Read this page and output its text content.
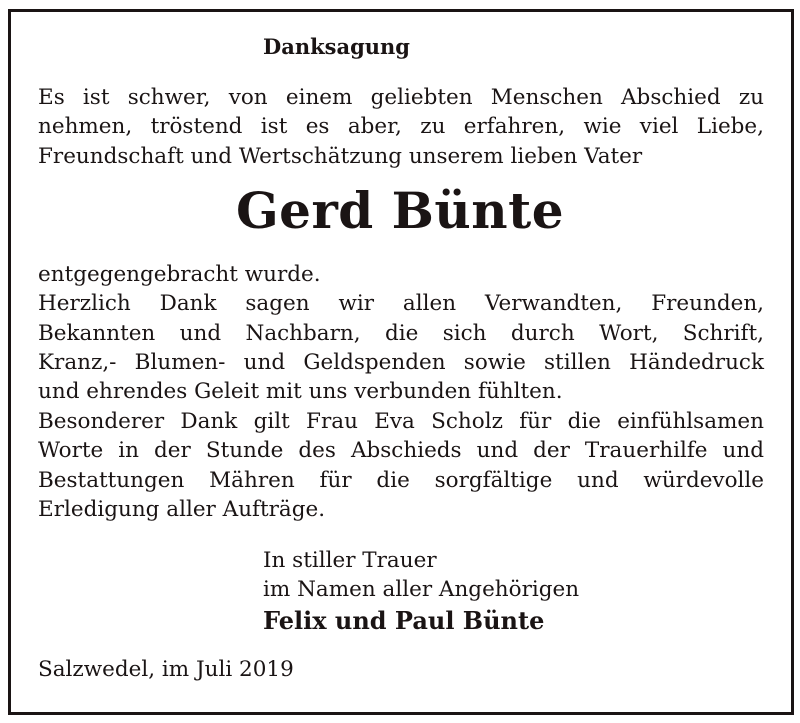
Danksagung
Es ist schwer, von einem geliebten Menschen Abschied zu
nehmen, tröstend ist es aber, zu erfahren, wie viel Liebe,
Freundschaft und Wertschätzung unserem lieben Vater
Gerd Bünte
entgegengebracht wurde.
Herzlich Dank sagen wir allen Verwandten, Freunden,
Bekannten und Nachbarn, die sich durch Wort, Schrift,
Kranz,- Blumen- und Geldspenden sowie stillen Händedruck
und ehrendes Geleit mit uns verbunden fühlten.
Besonderer Dank gilt Frau Eva Scholz für die einfühlsamen
Worte in der Stunde des Abschieds und der Trauerhilfe und
Bestattungen Mähren für die sorgfältige und würdevolle
Erledigung aller Aufträge.
In stiller Trauer
im Namen aller Angehörigen
Felix und Paul Bünte
Salzwedel, im Juli 2019
